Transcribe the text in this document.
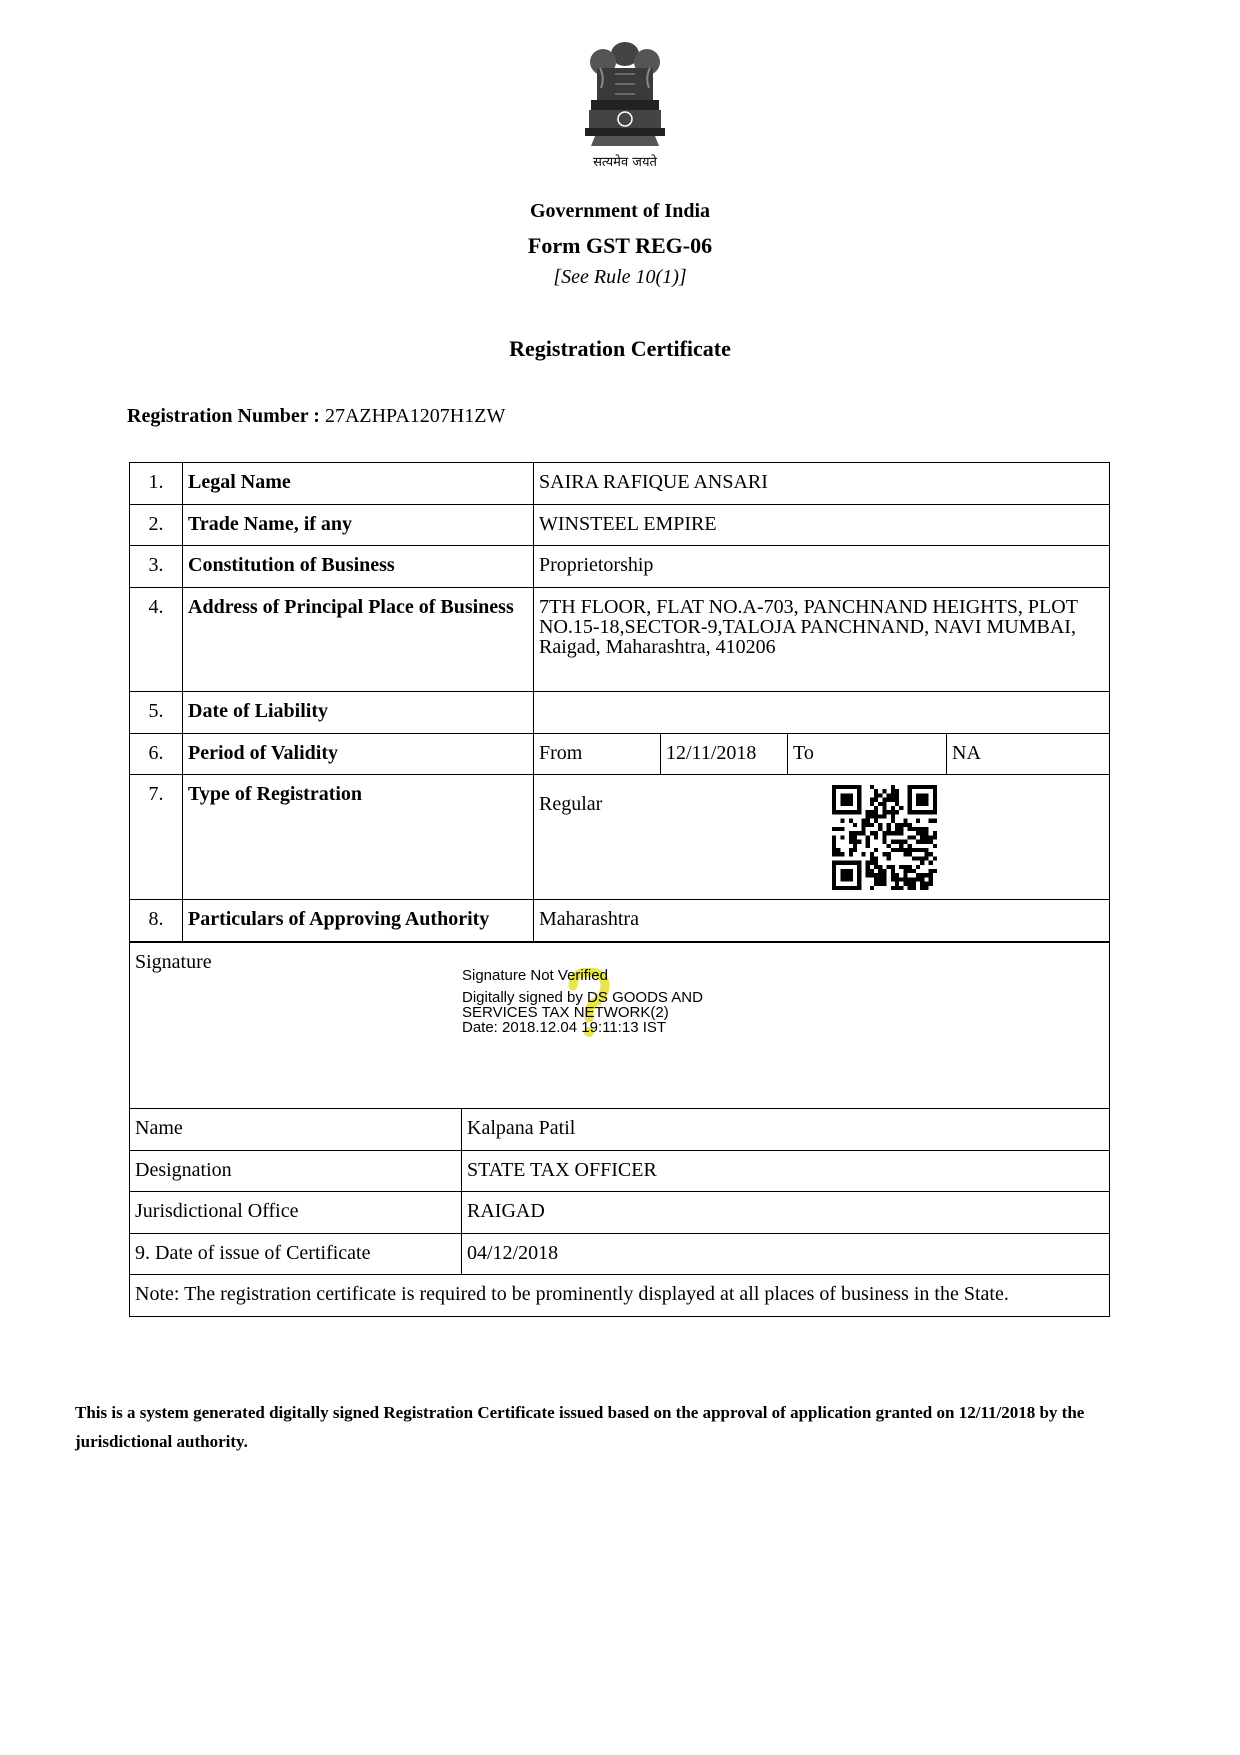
सत्यमेव जयते
Government of India
Form GST REG-06
[See Rule 10(1)]
Registration Certificate
Registration Number : 27AZHPA1207H1ZW
1.	Legal Name	SAIRA RAFIQUE ANSARI			
2.	Trade Name, if any	WINSTEEL EMPIRE			
3.	Constitution of Business	Proprietorship			
4.	Address of Principal Place of Business	7TH FLOOR, FLAT NO.A-703, PANCHNAND HEIGHTS, PLOT NO.15-18,SECTOR-9,TALOJA PANCHNAND, NAVI MUMBAI, Raigad, Maharashtra, 410206			
5.	Date of Liability				
6.	Period of Validity	From	12/11/2018	To	NA
7.	Type of Registration	Regular			
8.	Particulars of Approving Authority	Maharashtra			
Signature	
Name	Kalpana Patil
Designation	STATE TAX OFFICER
Jurisdictional Office	RAIGAD
9. Date of issue of Certificate	04/12/2018
Note: The registration certificate is required to be prominently displayed at all places of business in the State.	
Signature Not Verified
Digitally signed by DS GOODS AND SERVICES TAX NETWORK(2)
Date: 2018.12.04 19:11:13 IST
This is a system generated digitally signed Registration Certificate issued based on the approval of application granted on 12/11/2018 by the jurisdictional authority.
